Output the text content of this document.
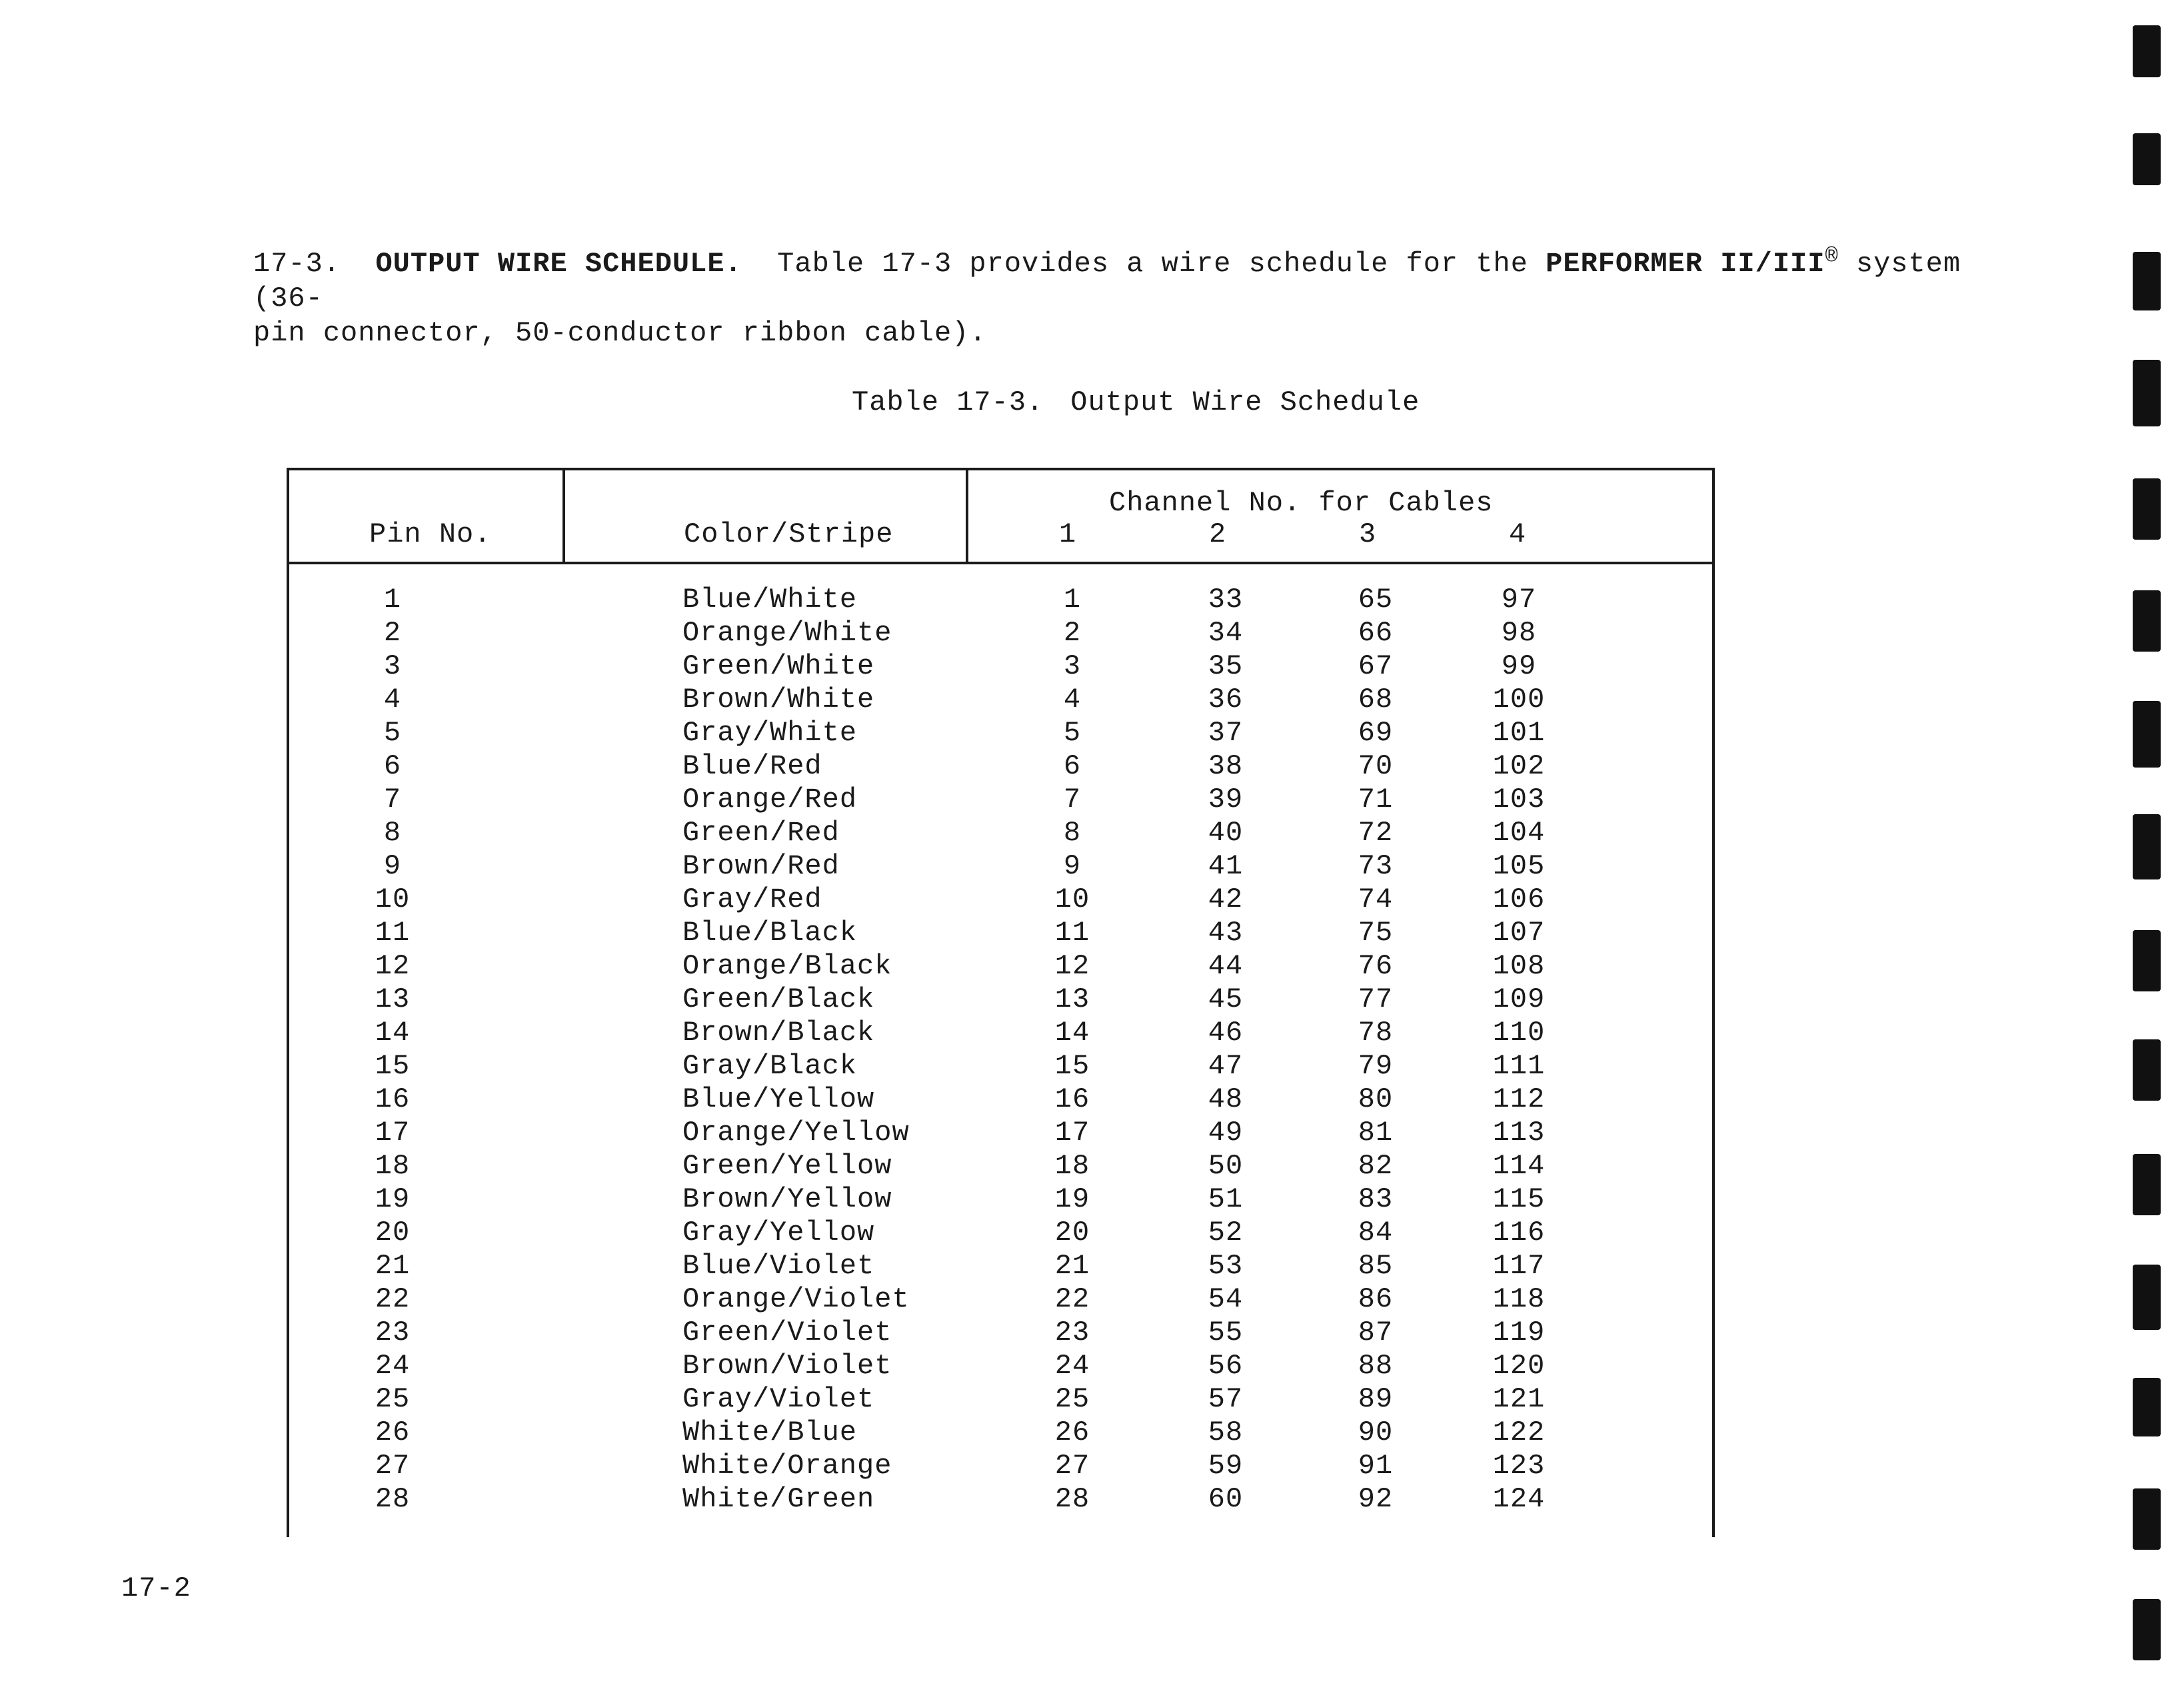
17-3. OUTPUT WIRE SCHEDULE. Table 17-3 provides a wire schedule for the PERFORMER II/III® system (36-
pin connector, 50-conductor ribbon cable).

Table 17-3. Output Wire Schedule

Pin No.	Color/Stripe
Channel No. for Cables
1	2	3	4
1	Blue/White	1	33	65	97
2	Orange/White	2	34	66	98
3	Green/White	3	35	67	99
4	Brown/White	4	36	68	100
5	Gray/White	5	37	69	101
6	Blue/Red	6	38	70	102
7	Orange/Red	7	39	71	103
8	Green/Red	8	40	72	104
9	Brown/Red	9	41	73	105
10	Gray/Red	10	42	74	106
11	Blue/Black	11	43	75	107
12	Orange/Black	12	44	76	108
13	Green/Black	13	45	77	109
14	Brown/Black	14	46	78	110
15	Gray/Black	15	47	79	111
16	Blue/Yellow	16	48	80	112
17	Orange/Yellow	17	49	81	113
18	Green/Yellow	18	50	82	114
19	Brown/Yellow	19	51	83	115
20	Gray/Yellow	20	52	84	116
21	Blue/Violet	21	53	85	117
22	Orange/Violet	22	54	86	118
23	Green/Violet	23	55	87	119
24	Brown/Violet	24	56	88	120
25	Gray/Violet	25	57	89	121
26	White/Blue	26	58	90	122
27	White/Orange	27	59	91	123
28	White/Green	28	60	92	124

17-2
